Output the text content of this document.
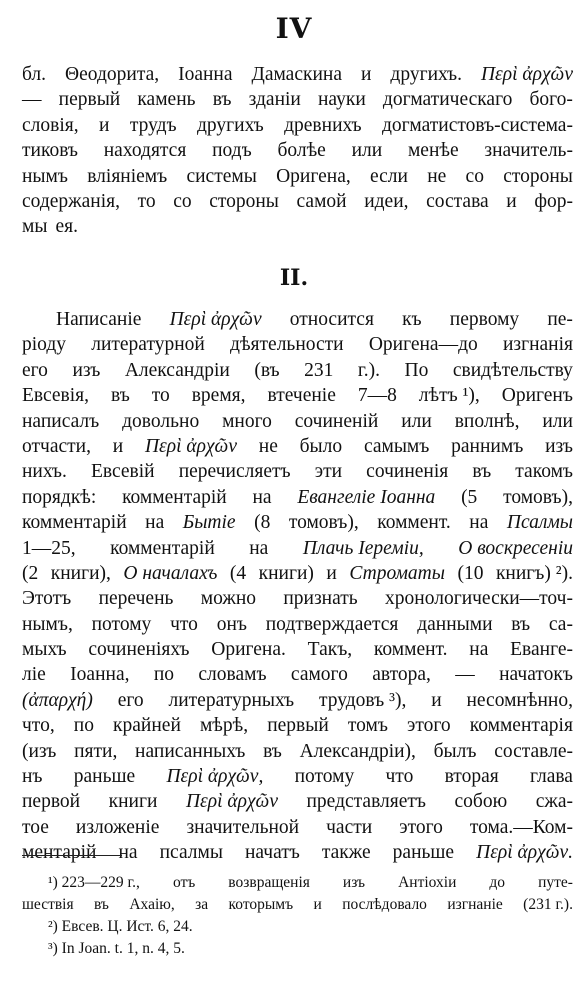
IV
бл. Θеодорита, Іоанна Дамаскина и другихъ. Περὶ ἀρχῶν
— первый камень въ зданіи науки догматическаго бого-
словія, и трудъ другихъ древнихъ догматистовъ-система-
тиковъ находятся подъ болѣе или менѣе значитель-
нымъ вліяніемъ системы Оригена, если не со стороны
содержанія, то со стороны самой идеи, состава и фор-
мы ея.
II.
Написаніе Περὶ ἀρχῶν относится къ первому пе-
ріоду литературной дѣятельности Оригена—до изгнанія
его изъ Александріи (въ 231 г.). По свидѣтельству
Евсевія, въ то время, втеченіе 7—8 лѣтъ ¹), Оригенъ
написалъ довольно много сочиненій или вполнѣ, или
отчасти, и Περὶ ἀρχῶν не было самымъ раннимъ изъ
нихъ. Евсевій перечисляетъ эти сочиненія въ такомъ
порядкѣ: комментарій на Евангеліе Іоанна (5 томовъ),
комментарій на Бытіе (8 томовъ), коммент. на Псалмы
1—25, комментарій на Плачь Іереміи, О воскресеніи
(2 книги), О началахъ (4 книги) и Строматы (10 книгъ) ²).
Этотъ перечень можно признать хронологически—точ-
нымъ, потому что онъ подтверждается данными въ са-
мыхъ сочиненіяхъ Оригена. Такъ, коммент. на Еванге-
ліе Іоанна, по словамъ самого автора, — начатокъ
(ἀπαρχή) его литературныхъ трудовъ ³), и несомнѣнно,
что, по крайней мѣрѣ, первый томъ этого комментарія
(изъ пяти, написанныхъ въ Александріи), былъ составле-
нъ раньше Περὶ ἀρχῶν, потому что вторая глава
первой книги Περὶ ἀρχῶν представляетъ собою сжа-
тое изложеніе значительной части этого тома.—Ком-
ментарій на псалмы начатъ также раньше Περὶ ἀρχῶν.
¹) 223—229 г., отъ возвращенія изъ Антіохіи до путе-
шествія въ Ахаію, за которымъ и послѣдовало изгнаніе (231 г.).
²) Евсев. Ц. Ист. 6, 24.
³) In Joan. t. 1, n. 4, 5.
